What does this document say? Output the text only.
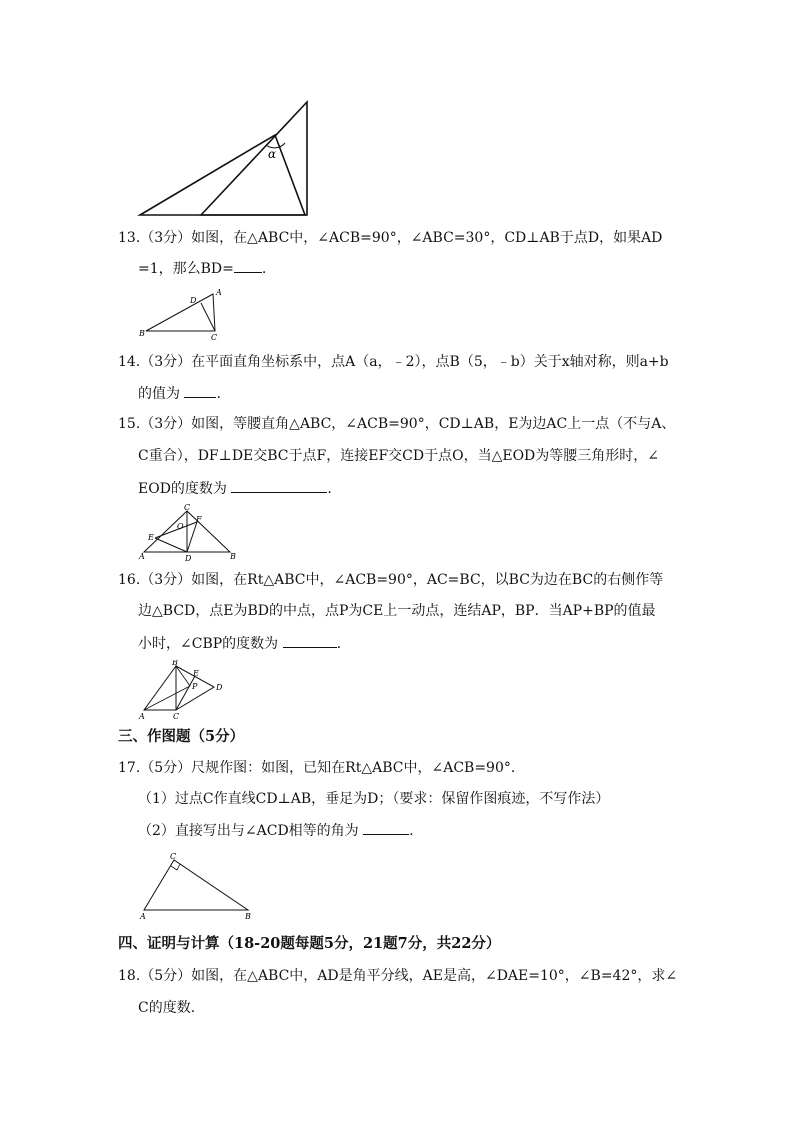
α
13.（3分）如图，在△ABC中，∠ACB=90°，∠ABC=30°，CD⊥AB于点D，如果AD
=1，那么BD= .
B
D
A
C
14.（3分）在平面直角坐标系中，点A（a，﹣2），点B（5，﹣b）关于x轴对称，则a+b
的值为 .
15.（3分）如图，等腰直角△ABC，∠ACB=90°，CD⊥AB，E为边AC上一点（不与A、
C重合），DF⊥DE交BC于点F，连接EF交CD于点O，当△EOD为等腰三角形时，∠
EOD的度数为	.
C
O
F
E
A	D	B
16.（3分）如图，在Rt△ABC中，∠ACB=90°，AC=BC，以BC为边在BC的右侧作等
边△BCD，点E为BD的中点，点P为CE上一动点，连结AP，BP．当AP+BP的值最
小时，∠CBP的度数为	.
B
E
P D
A	C
三、作图题（5分）
17.（5分）尺规作图：如图，已知在Rt△ABC中，∠ACB=90°．
（1）过点C作直线CD⊥AB，垂足为D；（要求：保留作图痕迹，不写作法）
（2）直接写出与∠ACD相等的角为	.
C
A	B
四、证明与计算（18-20题每题5分，21题7分，共22分）
18.（5分）如图，在△ABC中，AD是角平分线，AE是高，∠DAE=10°，∠B=42°，求∠
C的度数.
